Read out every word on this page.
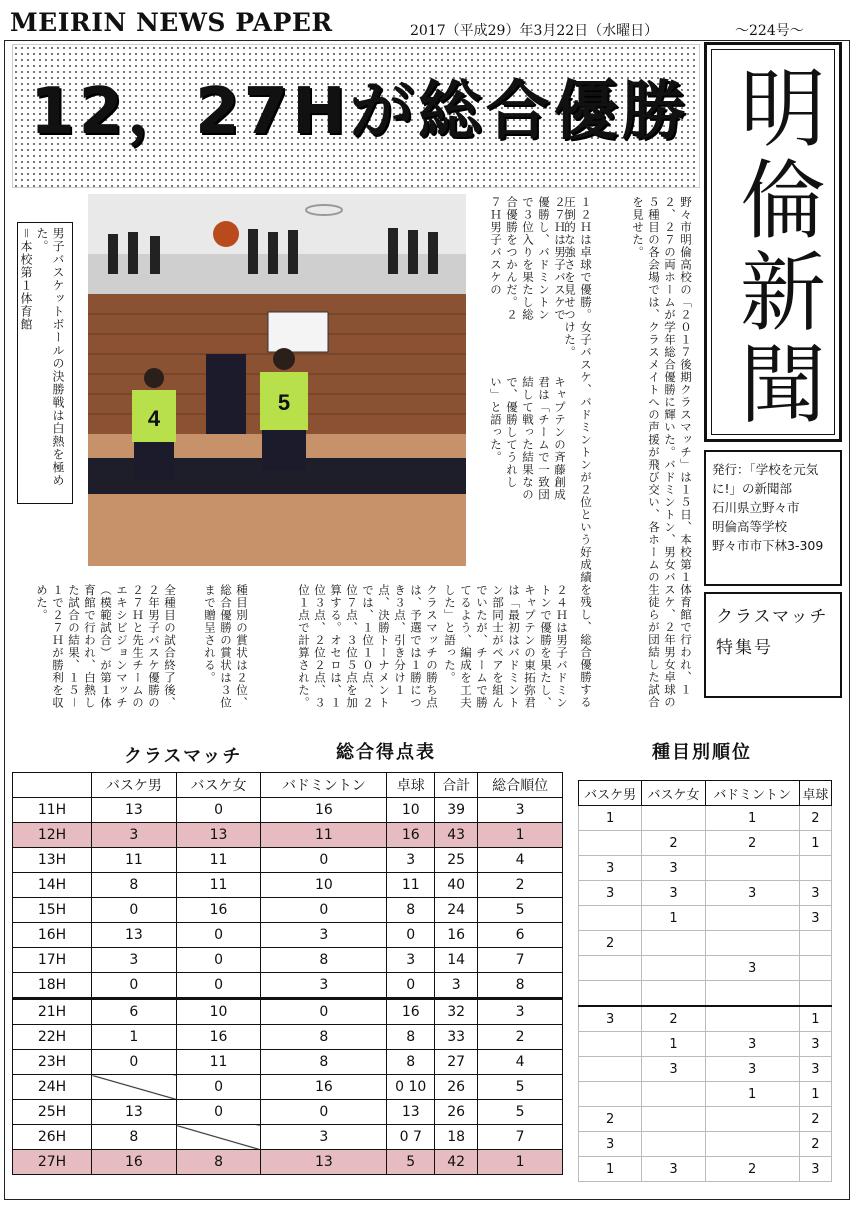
MEIRIN NEWS PAPER	2017（平成29）年3月22日（水曜日）	～224号～
12，27Hが総合優勝 明倫新聞
発行：「学校を元気に!」の新聞部
石川県立野々市
明倫高等学校
野々市市下林3-309
クラスマッチ特集号
男子バスケットボールの決勝戦は白熱を極めた。
＝本校第１体育館
4
5	野々市明倫高校の「２０１７後期クラスマッチ」は１５日、本校第１体育館で行われ、１２、２７の両ホームが学年総合優勝に輝いた。バドミントン、男女バスケ、２年男女卓球の５種目の各会場では、クラスメイトへの声援が飛び交い、各ホームの生徒らが団結した試合を見せた。
１２Ｈは卓球で優勝。女子バスケ、バドミントンが２位という好成績を残し、総合優勝する圧倒的な強さを見せつけた。
２７Ｈは男子バスケで優勝し、バドミントンで３位入りを果たし総合優勝をつかんだ。２７Ｈ男子バスケの
キャプテンの斉藤創成君は「チームで一致団結して戦った結果なので、優勝してうれしい」と語った。
２４Ｈは男子バドミントンで優勝を果たし、キャプテンの東拓弥君は「最初はバドミントン部同士がペアを組んでいたが、チームで勝てるよう、編成を工夫した」と語った。
クラスマッチの勝ち点は、予選では１勝につき３点、引き分け１点、決勝トーナメントでは、１位１０点、２位７点、３位５点を加算する。オセロは、１位３点、２位２点、３位１点で計算された。
種目別の賞状は２位、総合優勝の賞状は３位まで贈呈される。
全種目の試合終了後、２年男子バスケ優勝の２７Ｈと先生チームのエキシビジョンマッチ（模範試合）が第１体育館で行われ、白熱した試合の結果、１５－１で２７Ｈが勝利を収めた。
クラスマッチ	総合得点表	種目別順位
	バスケ男	バスケ女	バドミントン	卓球	合計	総合順位
11H	13	0	16	10	39	3
12H	3	13	11	16	43	1
13H	11	11	0	3	25	4
14H	8	11	10	11	40	2
15H	0	16	0	8	24	5
16H	13	0	3	0	16	6
17H	3	0	8	3	14	7
18H	0	0	3	0	3	8
21H	6	10	0	16	32	3
22H	1	16	8	8	33	2
23H	0	11	8	8	27	4
24H		0	16	0 10	26	5
25H	13	0	0	13	26	5
26H	8		3	0 7	18	7
27H	16	8	13	5	42	1
バスケ男	バスケ女	バドミントン	卓球
1		1	2
	2	2	1
3	3		
3	3	3	3
	1		3
2			
		3	

3	2		1
	1	3	3
	3	3	3
		1	1
2			2
3			2
1	3	2	3
